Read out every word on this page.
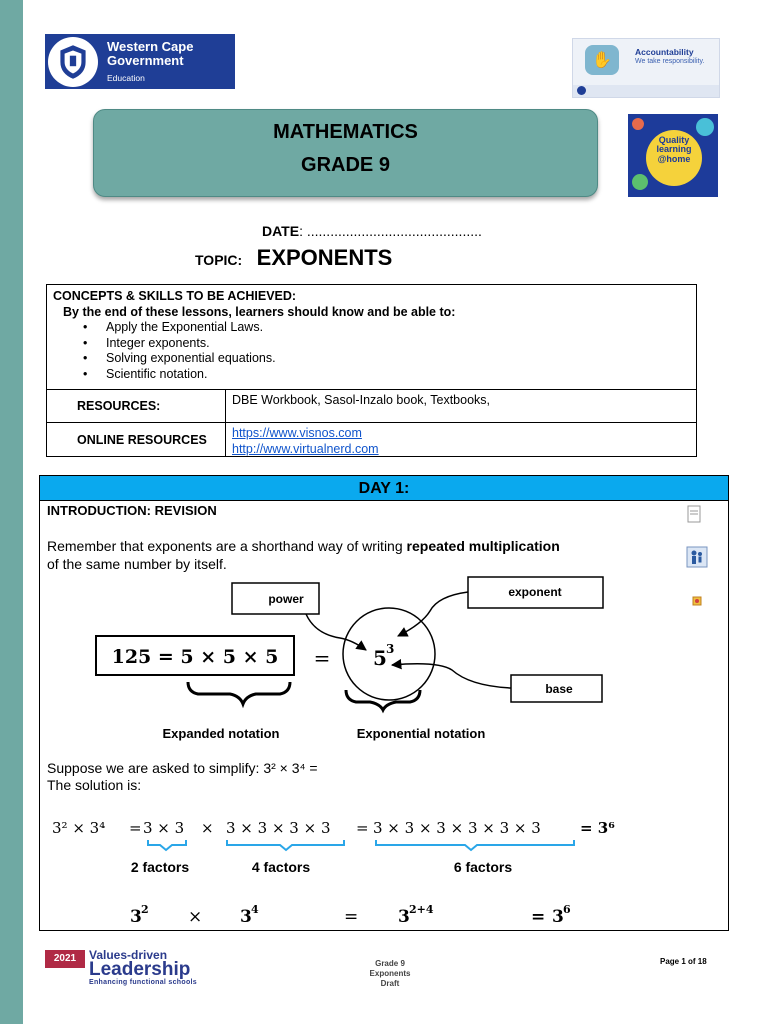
Western Cape
Government
Education
✋	Accountability
We take responsibility.
MATHEMATICS
GRADE 9
Quality learning @home
DATE: .............................................
TOPIC: EXPONENTS
CONCEPTS & SKILLS TO BE ACHIEVED:
By the end of these lessons, learners should know and be able to:
• Apply the Exponential Laws.
• Integer exponents.
• Solving exponential equations.
• Scientific notation.
RESOURCES:	DBE Workbook, Sasol-Inzalo book, Textbooks,
ONLINE RESOURCES	https://www.visnos.com
http://www.virtualnerd.com
DAY 1:
INTRODUCTION: REVISION
Remember that exponents are a shorthand way of writing repeated multiplication
of the same number by itself.
power	exponent
base
125 = 5 × 5 × 5 = 5 3
Expanded notation	Exponential notation
3² × 3⁴ = 3 × 3 × 3 × 3 × 3 × 3 = 3 × 3 × 3 × 3 × 3 × 3	= 3⁶
2 factors	4 factors	6 factors
3 2 × 3 4	= 3 2+4	= 3 6
Suppose we are asked to simplify: 3² × 3⁴ =
The solution is:
2021	Values-driven
Leadership
Enhancing functional schools
Grade 9
Exponents
Draft
Page 1 of 18
